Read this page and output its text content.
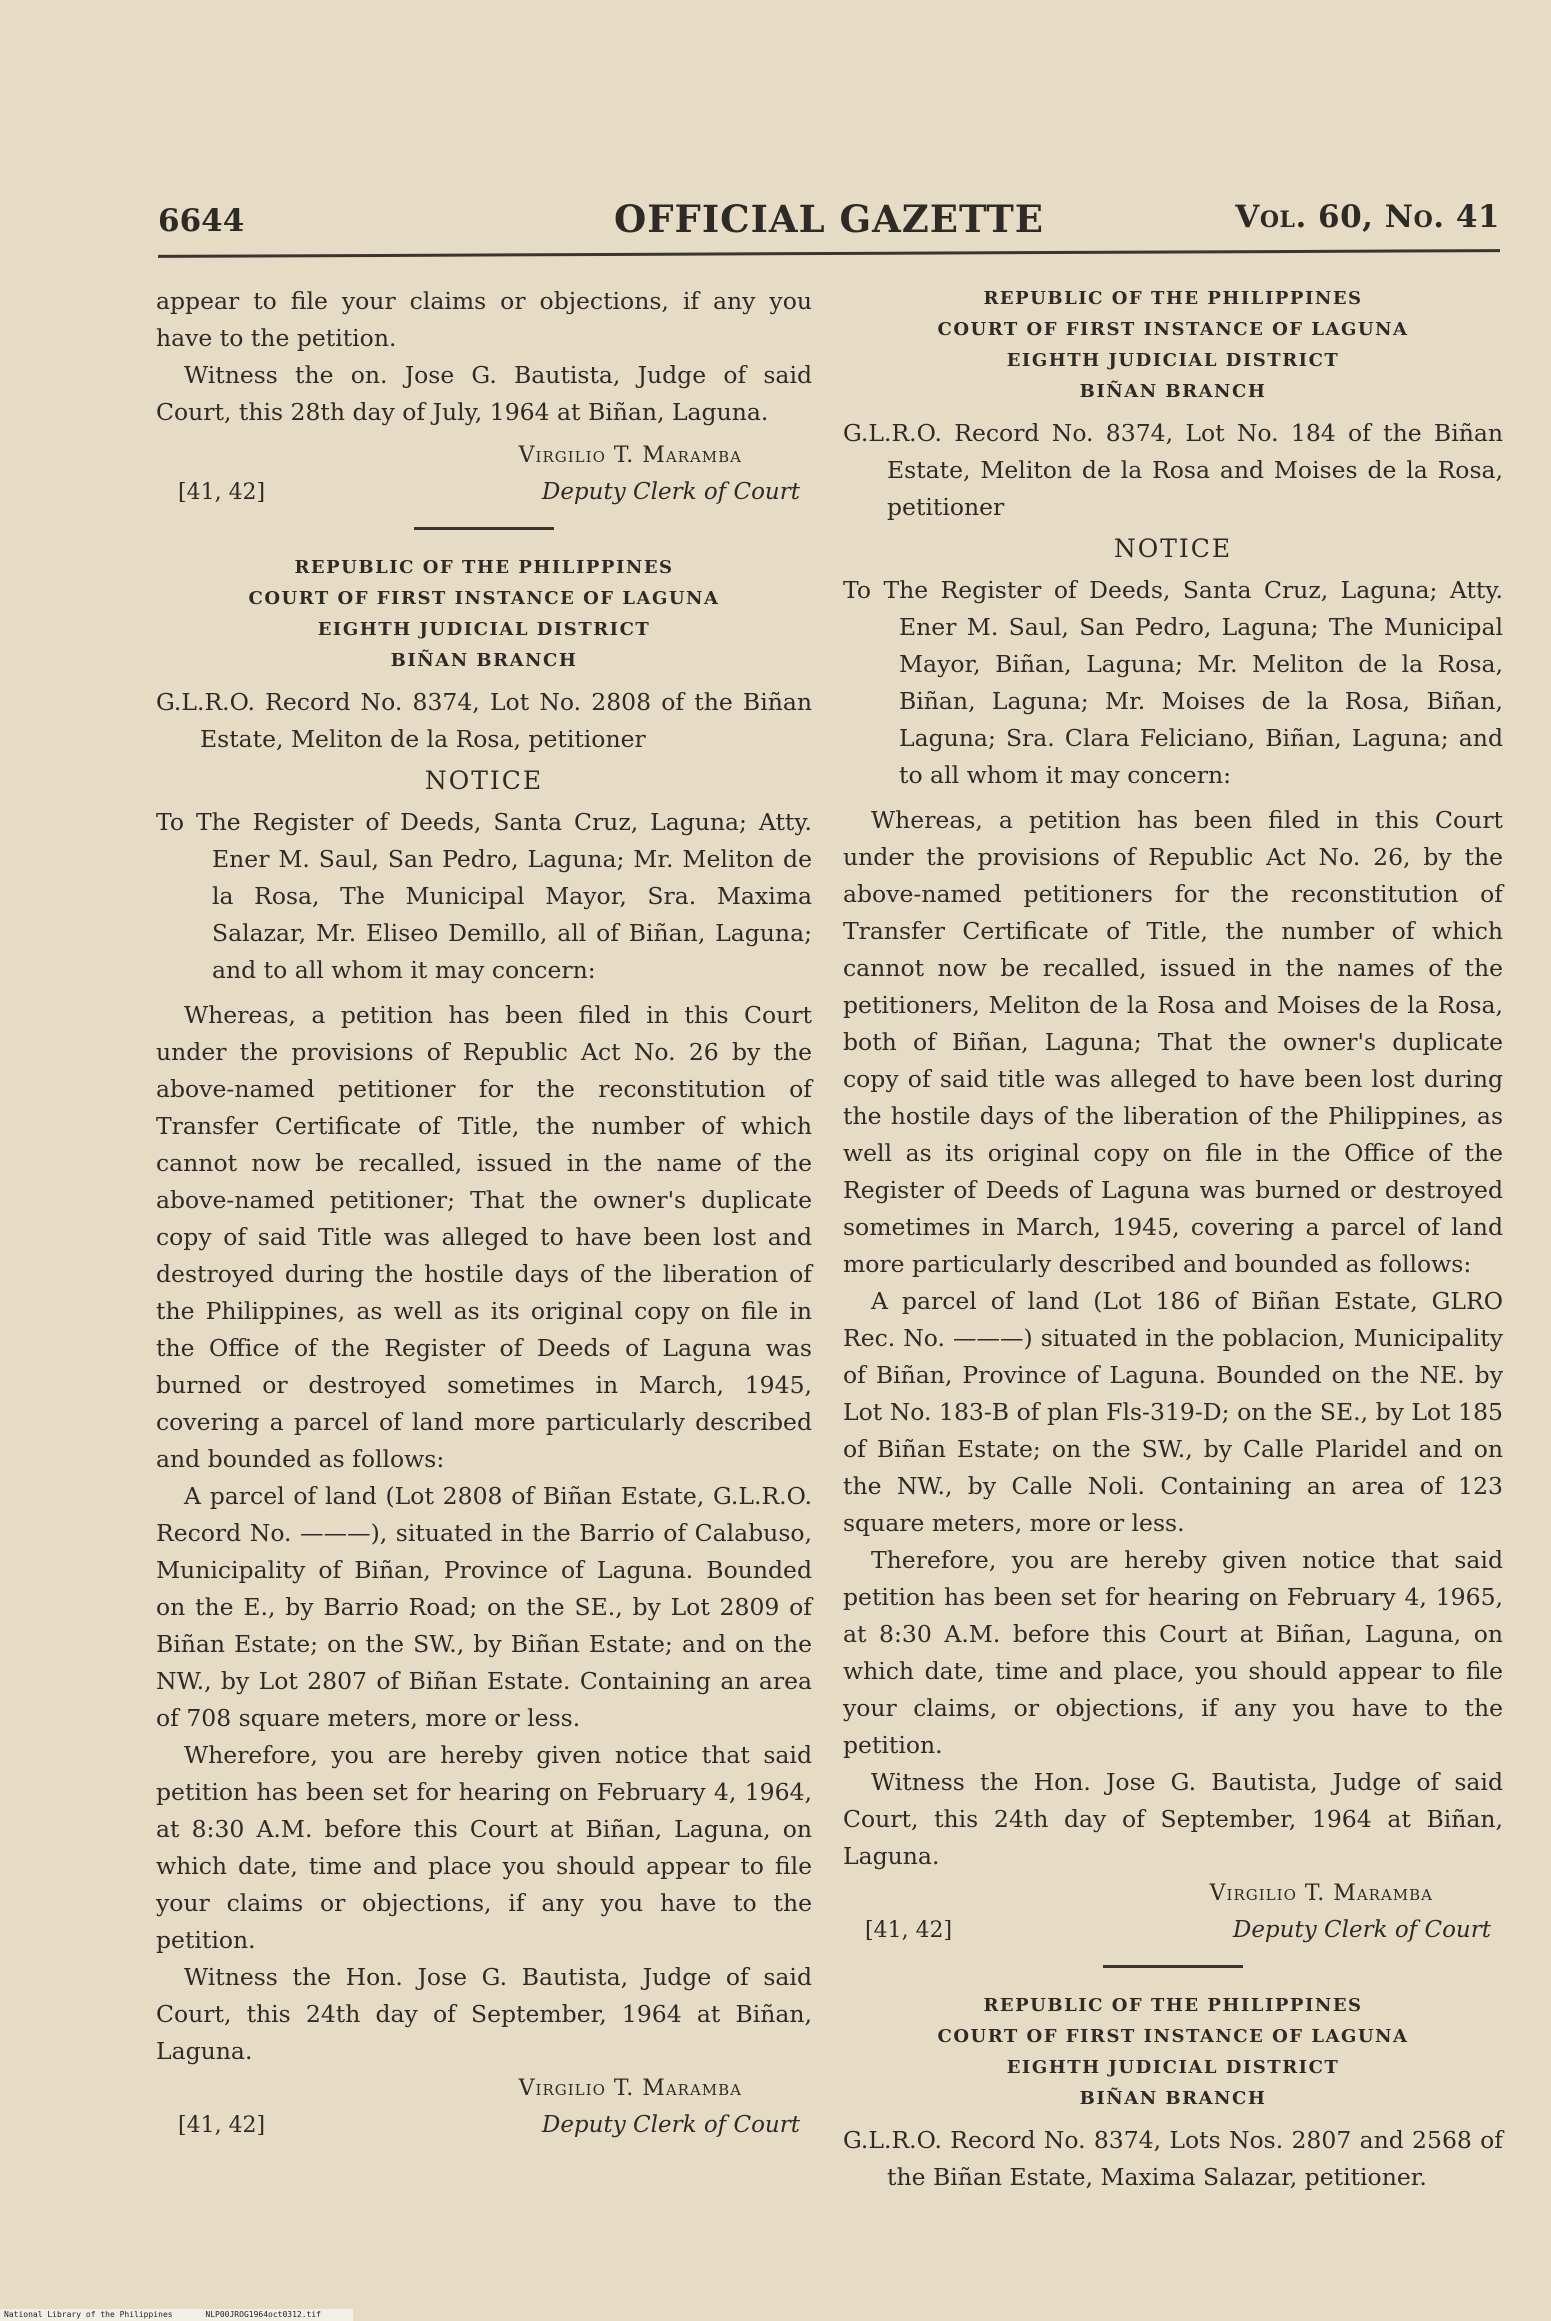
6644	OFFICIAL GAZETTE	Vol. 60, No. 41

appear to file your claims or objections, if any you have to the petition.

Witness the on. Jose G. Bautista, Judge of said Court, this 28th day of July, 1964 at Biñan, Laguna.

Virgilio T. Maramba
[41, 42]	Deputy Clerk of Court
REPUBLIC OF THE PHILIPPINES
COURT OF FIRST INSTANCE OF LAGUNA
EIGHTH JUDICIAL DISTRICT
BIÑAN BRANCH

G.L.R.O. Record No. 8374, Lot No. 2808 of the Biñan Estate, Meliton de la Rosa, petitioner

NOTICE

To The Register of Deeds, Santa Cruz, Laguna; Atty. Ener M. Saul, San Pedro, Laguna; Mr. Meliton de la Rosa, The Municipal Mayor, Sra. Maxima Salazar, Mr. Eliseo Demillo, all of Biñan, Laguna; and to all whom it may concern:

Whereas, a petition has been filed in this Court under the provisions of Republic Act No. 26 by the above-named petitioner for the reconstitution of Transfer Certificate of Title, the number of which cannot now be recalled, issued in the name of the above-named petitioner; That the owner's duplicate copy of said Title was alleged to have been lost and destroyed during the hostile days of the liberation of the Philippines, as well as its original copy on file in the Office of the Register of Deeds of Laguna was burned or destroyed sometimes in March, 1945, covering a parcel of land more particularly described and bounded as follows:

A parcel of land (Lot 2808 of Biñan Estate, G.L.R.O. Record No. ———), situated in the Barrio of Calabuso, Municipality of Biñan, Province of Laguna. Bounded on the E., by Barrio Road; on the SE., by Lot 2809 of Biñan Estate; on the SW., by Biñan Estate; and on the NW., by Lot 2807 of Biñan Estate. Containing an area of 708 square meters, more or less.

Wherefore, you are hereby given notice that said petition has been set for hearing on February 4, 1964, at 8:30 A.M. before this Court at Biñan, Laguna, on which date, time and place you should appear to file your claims or objections, if any you have to the petition.

Witness the Hon. Jose G. Bautista, Judge of said Court, this 24th day of September, 1964 at Biñan, Laguna.

Virgilio T. Maramba
[41, 42]	Deputy Clerk of Court
REPUBLIC OF THE PHILIPPINES
COURT OF FIRST INSTANCE OF LAGUNA
EIGHTH JUDICIAL DISTRICT
BIÑAN BRANCH

G.L.R.O. Record No. 8374, Lot No. 184 of the Biñan Estate, Meliton de la Rosa and Moises de la Rosa, petitioner

NOTICE

To The Register of Deeds, Santa Cruz, Laguna; Atty. Ener M. Saul, San Pedro, Laguna; The Municipal Mayor, Biñan, Laguna; Mr. Meliton de la Rosa, Biñan, Laguna; Mr. Moises de la Rosa, Biñan, Laguna; Sra. Clara Feliciano, Biñan, Laguna; and to all whom it may concern:

Whereas, a petition has been filed in this Court under the provisions of Republic Act No. 26, by the above-named petitioners for the reconstitution of Transfer Certificate of Title, the number of which cannot now be recalled, issued in the names of the petitioners, Meliton de la Rosa and Moises de la Rosa, both of Biñan, Laguna; That the owner's duplicate copy of said title was alleged to have been lost during the hostile days of the liberation of the Philippines, as well as its original copy on file in the Office of the Register of Deeds of Laguna was burned or destroyed sometimes in March, 1945, covering a parcel of land more particularly described and bounded as follows:

A parcel of land (Lot 186 of Biñan Estate, GLRO Rec. No. ———) situated in the poblacion, Municipality of Biñan, Province of Laguna. Bounded on the NE. by Lot No. 183-B of plan Fls-319-D; on the SE., by Lot 185 of Biñan Estate; on the SW., by Calle Plaridel and on the NW., by Calle Noli. Containing an area of 123 square meters, more or less.

Therefore, you are hereby given notice that said petition has been set for hearing on February 4, 1965, at 8:30 A.M. before this Court at Biñan, Laguna, on which date, time and place, you should appear to file your claims, or objections, if any you have to the petition.

Witness the Hon. Jose G. Bautista, Judge of said Court, this 24th day of September, 1964 at Biñan, Laguna.

Virgilio T. Maramba
[41, 42]	Deputy Clerk of Court
REPUBLIC OF THE PHILIPPINES
COURT OF FIRST INSTANCE OF LAGUNA
EIGHTH JUDICIAL DISTRICT
BIÑAN BRANCH

G.L.R.O. Record No. 8374, Lots Nos. 2807 and 2568 of the Biñan Estate, Maxima Salazar, petitioner.

National Library of the Philippines	NLP00JROG1964oct0312.tif
